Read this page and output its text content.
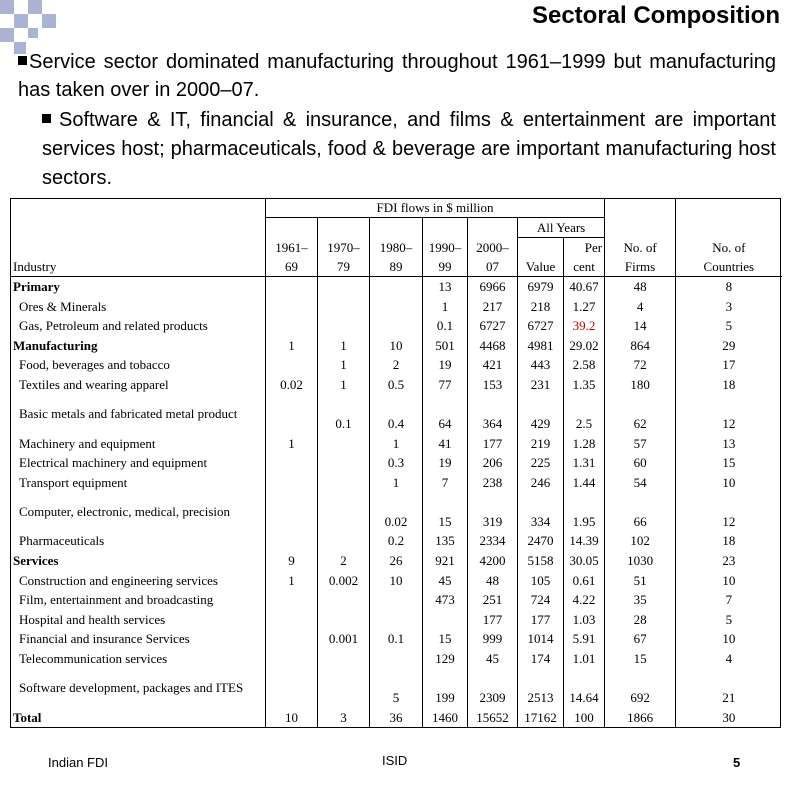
Sectoral Composition
Service sector dominated manufacturing throughout 1961–1999 but manufacturing has taken over in 2000–07.
Software & IT, financial & insurance, and films & entertainment are important services host; pharmaceuticals, food & beverage are important manufacturing host sectors.
	FDI flows in $ million								
						All Years			
	1961–	1970–	1980–	1990–	2000–		Per	No. of	No. of
Industry	69	79	89	99	07	Value	cent	Firms	Countries
Primary				13	6966	6979	40.67	48	8
Ores & Minerals				1	217	218	1.27	4	3
Gas, Petroleum and related products				0.1	6727	6727	39.2	14	5
Manufacturing	1	1	10	501	4468	4981	29.02	864	29
Food, beverages and tobacco		1	2	19	421	443	2.58	72	17
Textiles and wearing apparel	0.02	1	0.5	77	153	231	1.35	180	18
Basic metals and fabricated metal product		0.1	0.4	64	364	429	2.5	62	12
Machinery and equipment	1		1	41	177	219	1.28	57	13
Electrical machinery and equipment			0.3	19	206	225	1.31	60	15
Transport equipment			1	7	238	246	1.44	54	10
Computer, electronic, medical, precision			0.02	15	319	334	1.95	66	12
Pharmaceuticals			0.2	135	2334	2470	14.39	102	18
Services	9	2	26	921	4200	5158	30.05	1030	23
Construction and engineering services	1	0.002	10	45	48	105	0.61	51	10
Film, entertainment and broadcasting				473	251	724	4.22	35	7
Hospital and health services					177	177	1.03	28	5
Financial and insurance Services		0.001	0.1	15	999	1014	5.91	67	10
Telecommunication services				129	45	174	1.01	15	4
Software development, packages and ITES			5	199	2309	2513	14.64	692	21
Total	10	3	36	1460	15652	17162	100	1866	30
Indian FDI	ISID	5
